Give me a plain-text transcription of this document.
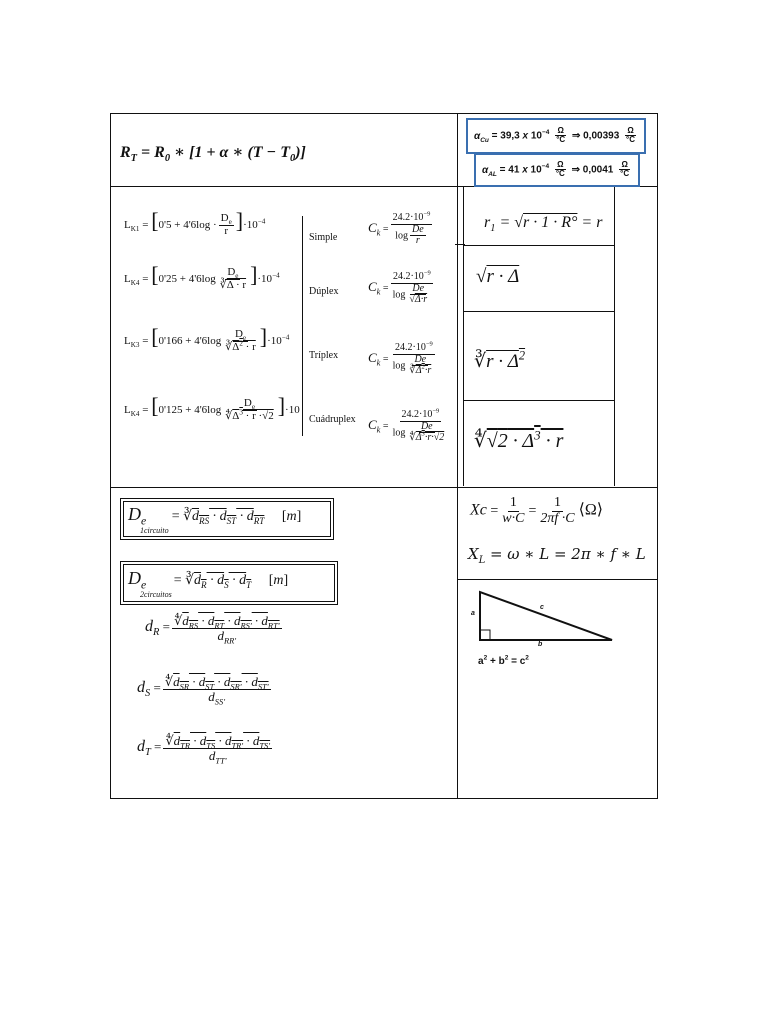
$R_T = R_0$ ∗ [1 + α ∗ $(T - T_0)$]
$\alpha_{Cu} = 39,3$ x $10^{-4} \frac{\Omega}{^\circ C}$ ⇒ $0,00393 \frac{\Omega}{^\circ C}$
$\alpha_{AL} = 41$ x $10^{-4} \frac{\Omega}{^\circ C}$ ⇒ $0,0041 \frac{\Omega}{^\circ C}$
$L_{K1} = [0'5 + 4'6\log \cdot \frac{D_e}{r} ]\cdot 10^{-4}$
$L_{K4} = [0'25 + 4'6\log \frac{D_e}{∛\Delta \cdot r} ]\cdot 10^{-4}$
$L_{K3} = [0'166 + 4'6\log \frac{D_e}{∛\Delta^2 \cdot r} ]\cdot 10^{-4}$
$L_{K4} = [0'125 + 4'6\log \frac{D_e}{∜\Delta^3 \cdot r \cdot√2} ]\cdot 10$
Simple
Dúplex
Tríplex
Cuádruplex
$C_k = \frac{24.2\cdot 10^{-9}}{\log \frac{De}{r}}$
$C_k = \frac{24.2\cdot 10^{-9}}{\log \frac{De}{√\Delta\cdot r}}$
$C_k = \frac{24.2\cdot 10^{-9}}{\log \frac{De}{∛\Delta^2\cdot r}}$
$C_k = \frac{24.2\cdot 10^{-9}}{\log \frac{De}{∜\Delta^3\cdot r\cdot√2}}$
$r_1 = √r \cdot 1 \cdot R^\circ = r$
√r · Δ
∛r · $\Delta^2$
∜√2 · $\Delta^3 \cdot r$
$D_e$ = $∛d_{RS} \cdot d_{ST} \cdot d_{RT}$ [m]
1circuito
$D_e$ = $∛d_R \cdot d_S \cdot d_T$ [m]
2circuitos
$d_R = \frac{∜d_{RS} \cdot d_{RT} \cdot d_{RS'} \cdot d_{RT'}}{d_{RR'}}$
$d_S = \frac{∜d_{SR} \cdot d_{ST} \cdot d_{SR'} \cdot d_{ST'}}{d_{SS'}}$
$d_T = \frac{∜d_{TR} \cdot d_{TS} \cdot d_{TR'} \cdot d_{TS'}}{d_{TT'}}$
$Xc = \frac{1}{w\cdot C} = \frac{1}{2\pi f \cdot C}$ ⟨Ω⟩
$X_L = \omega$ ∗ L = 2π ∗ f ∗ L
a
b
c
$a^2 + b^2 = c^2$
